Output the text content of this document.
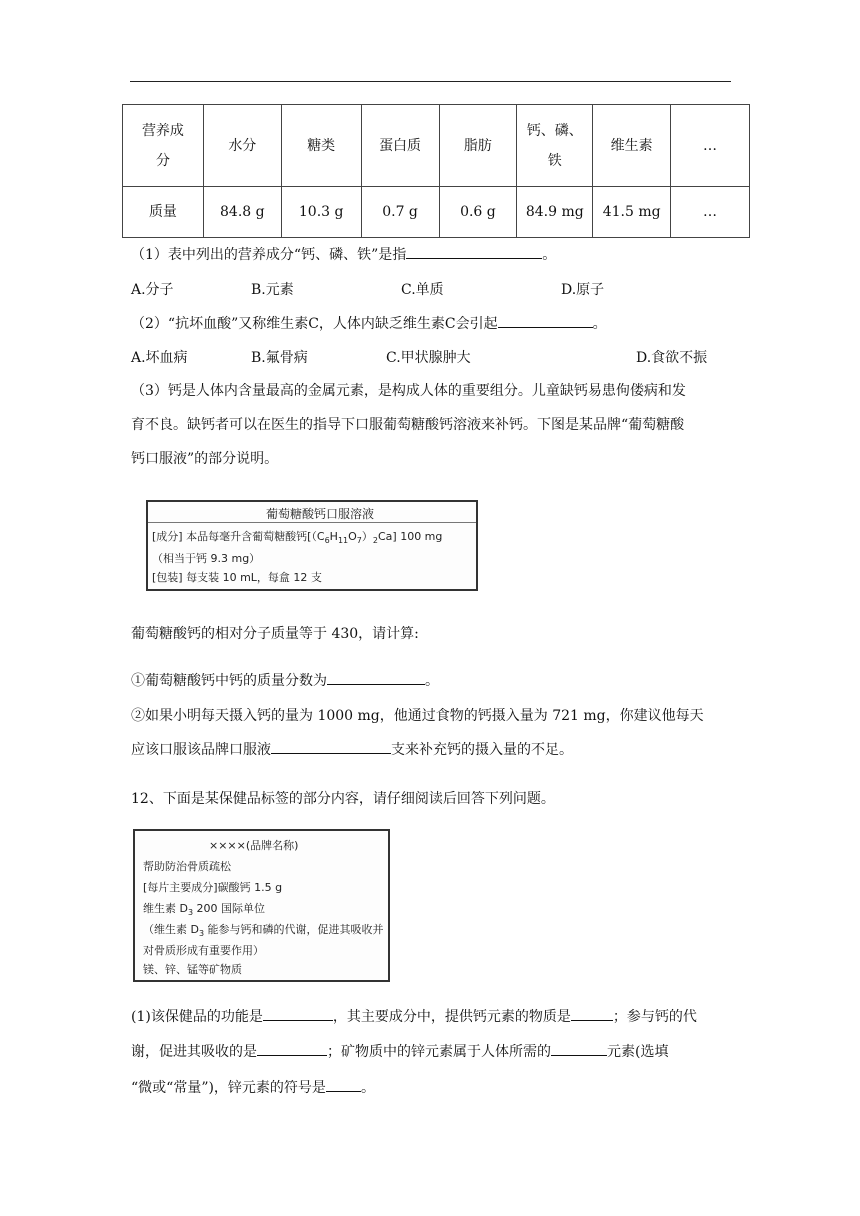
营养成分	水分	糖类	蛋白质	脂肪	钙、磷、铁	维生素	…
质量	84.8 g	10.3 g	0.7 g	0.6 g	84.9 mg	41.5 mg	…
（1）表中列出的营养成分“钙、磷、铁”是指	。
A.分子	B.元素	C.单质	D.原子
（2）“抗坏血酸”又称维生素C，人体内缺乏维生素C会引起	。
A.坏血病	B.氟骨病	C.甲状腺肿大	D.食欲不振
（3）钙是人体内含量最高的金属元素，是构成人体的重要组分。儿童缺钙易患佝偻病和发
育不良。缺钙者可以在医生的指导下口服葡萄糖酸钙溶液来补钙。下图是某品牌“葡萄糖酸
钙口服液”的部分说明。
葡萄糖酸钙口服溶液
[成分] 本品每毫升含葡萄糖酸钙$[(C_6H_{11}O_7)_2Ca]$ 100 mg
（相当于钙 9.3 mg）
[包装] 每支装 10 mL，每盒 12 支
葡萄糖酸钙的相对分子质量等于 430，请计算:
①葡萄糖酸钙中钙的质量分数为	。
②如果小明每天摄入钙的量为 1000 mg，他通过食物的钙摄入量为 721 mg，你建议他每天
应该口服该品牌口服液	支来补充钙的摄入量的不足。
12、下面是某保健品标签的部分内容，请仔细阅读后回答下列问题。
××××(品牌名称)
帮助防治骨质疏松
[每片主要成分]碳酸钙 1.5 g
维生素 $D_3$ 200 国际单位
（维生素 $D_3$ 能参与钙和磷的代谢，促进其吸收并
对骨质形成有重要作用）
镁、锌、锰等矿物质
(1)该保健品的功能是	，其主要成分中，提供钙元素的物质是	；参与钙的代
谢，促进其吸收的是	；矿物质中的锌元素属于人体所需的	元素(选填
“微或“常量”)，锌元素的符号是	。
